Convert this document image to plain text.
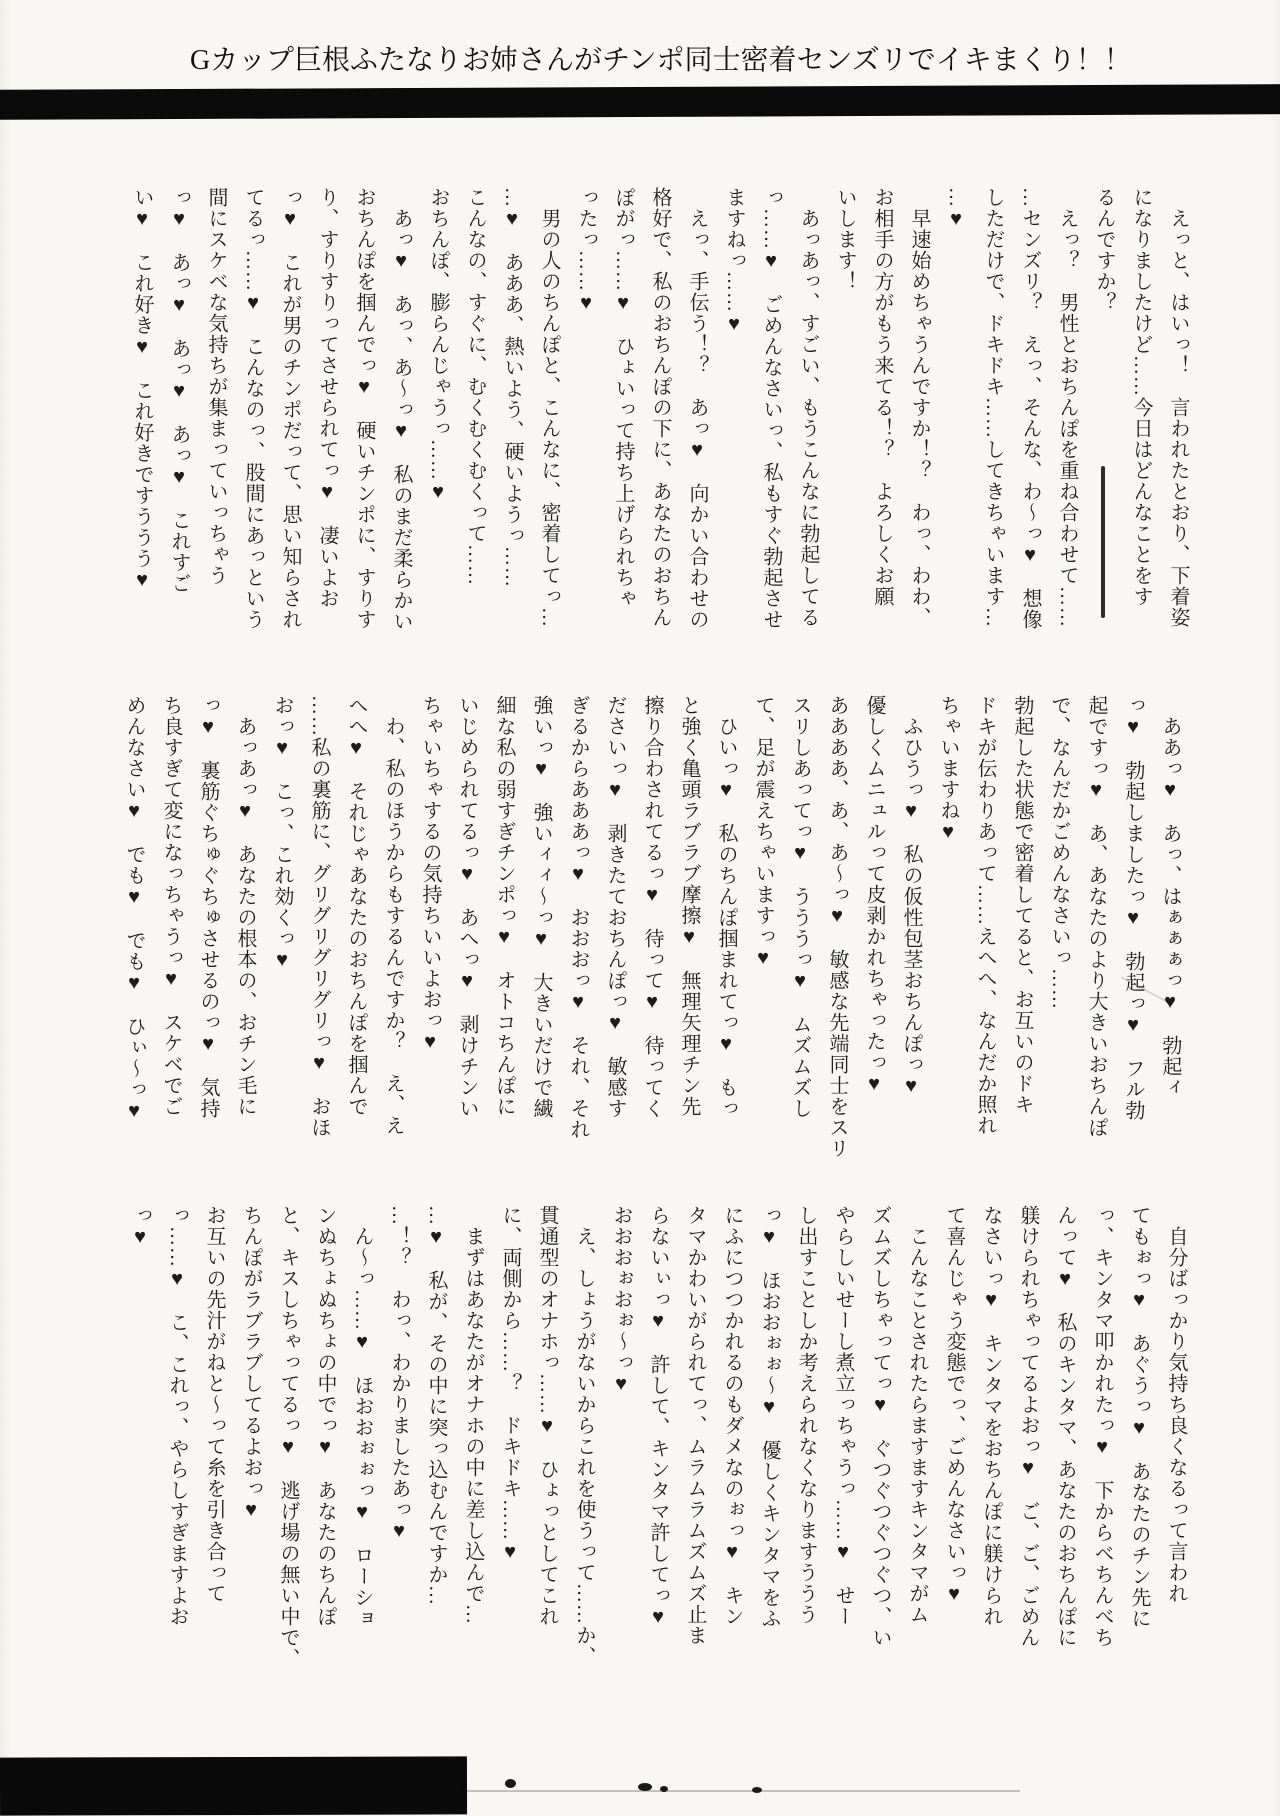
Gカップ巨根ふたなりお姉さんがチンポ同士密着センズリでイキまくり！！
　えっと、はいっ！　言われたとおり、下着姿
になりましたけど……今日はどんなことをす
るんですか？
　えっ？　男性とおちんぽを重ね合わせて……
…センズリ？　えっ、そんな、わ〜っ♥　想像
しただけで、ドキドキ……してきちゃいます…
…♥
　早速始めちゃうんですか！？　わっ、わわ、
お相手の方がもう来てる！？　よろしくお願
いします！
　あっあっ、すごい、もうこんなに勃起してる
っ……♥　ごめんなさいっ、私もすぐ勃起させ
ますねっ……♥
　えっ、手伝う！？　あっ♥　向かい合わせの
格好で、私のおちんぽの下に、あなたのおちん
ぽがっ……♥　ひょいって持ち上げられちゃ
ったっ……♥
　男の人のちんぽと、こんなに、密着してっ…
…♥　あああ、熱いよう、硬いようっ……
こんなの、すぐに、むくむくむくって……
おちんぽ、膨らんじゃうっ……♥
　あっ♥　あっ、あ〜っ♥　私のまだ柔らかい
おちんぽを掴んでっ♥　硬いチンポに、すりす
り、すりすりってさせられてっ♥　凄いよお
っ♥　これが男のチンポだって、思い知らされ
てるっ……♥　こんなのっ、股間にあっという
間にスケベな気持ちが集まっていっちゃう
っ♥　あっ♥　あっ♥　あっ♥　これすご
い♥　これ好き♥　これ好きですううう♥
　ああっ♥　あっ、はぁぁぁっ♥　勃起ィ
っ♥　勃起しましたっ♥　勃起っ♥　フル勃
起ですっ♥　あ、あなたのより大きいおちんぽ
で、なんだかごめんなさいっ……
勃起した状態で密着してると、お互いのドキ
ドキが伝わりあって……えへへ、なんだか照れ
ちゃいますね♥
　ふひうっ♥　私の仮性包茎おちんぽっ♥
優しくムニュルって皮剥かれちゃったっ♥
ああああ、あ、あ〜っ♥　敏感な先端同士をスリ
スリしあってっ♥　うううっ♥　ムズムズし
て、足が震えちゃいますっ♥
　ひいっ♥　私のちんぽ掴まれてっ♥　もっ
と強く亀頭ラブラブ摩擦♥　無理矢理チン先
擦り合わされてるっ♥　待って♥　待ってく
ださいっ♥　剥きたておちんぽっ♥　敏感す
ぎるからあああっ♥　おおおっ♥　それ、それ
強いっ♥　強いィィ〜っ♥　大きいだけで繊
細な私の弱すぎチンポっ♥　オトコちんぽに
いじめられてるっ♥　あへっ♥　剥けチンい
ちゃいちゃするの気持ちいいよおっ♥
　わ、私のほうからもするんですか？　え、え
へへ♥　それじゃあなたのおちんぽを掴んで
……私の裏筋に、グリグリグリグリっ♥　おほ
おっ♥　こっ、これ効くっ♥
　あっあっ♥　あなたの根本の、おチン毛に
っ♥　裏筋ぐちゅぐちゅさせるのっ♥　気持
ち良すぎて変になっちゃうっ♥　スケベでご
めんなさい♥　でも♥　でも♥　ひぃ〜っ♥
　自分ばっかり気持ち良くなるって言われ
てもぉっ♥　あぐうっ♥　あなたのチン先に
っ、キンタマ叩かれたっ♥　下からべちんべち
んって♥　私のキンタマ、あなたのおちんぽに
躾けられちゃってるよおっ♥　ご、ご、ごめん
なさいっ♥　キンタマをおちんぽに躾けられ
て喜んじゃう変態でっ、ごめんなさいっ♥
　こんなことされたらますますキンタマがム
ズムズしちゃってっ♥　ぐつぐつぐつぐつ、い
やらしいせーし煮立っちゃうっ……♥　せー
し出すことしか考えられなくなりますううう
っ♥　ほおおぉぉ〜♥　優しくキンタマをふ
にふにつつかれるのもダメなのぉっ♥　キン
タマかわいがられてっ、ムラムラムズムズ止ま
らないぃっ♥　許して、キンタマ許してっ♥
おおおぉおぉ〜っ♥
　え、しょうがないからこれを使うって……か、
貫通型のオナホっ……♥　ひょっとしてこれ
に、両側から……？　ドキドキ……♥
　まずはあなたがオナホの中に差し込んで…
…♥　私が、その中に突っ込むんですか…
…！？　わっ、わかりましたあっ♥
　ん〜っ……♥　ほおおぉぉっ♥　ローショ
ンぬちょぬちょの中でっ♥　あなたのちんぽ
と、キスしちゃってるっ♥　逃げ場の無い中で、
ちんぽがラブラブしてるよおっ♥
お互いの先汁がねと〜って糸を引き合って
っ……♥　こ、これっ、やらしすぎますよお
っ♥
